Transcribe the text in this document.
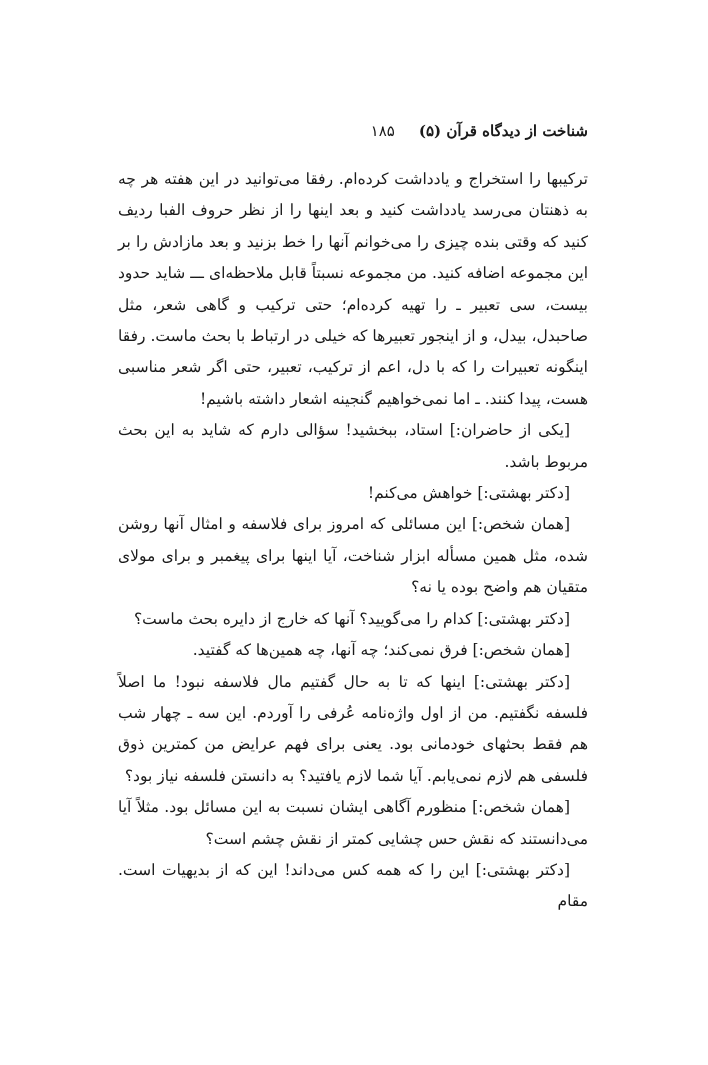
شناخت از دیدگاه قرآن (۵)
۱۸۵

ترکیبها را استخراج و یادداشت کرده‌ام. رفقا می‌توانید در این هفته هر چه به ذهنتان می‌رسد یادداشت کنید و بعد اینها را از نظر حروف الفبا ردیف کنید که وقتی بنده چیزی را می‌خوانم آنها را خط بزنید و بعد مازادش را بر این مجموعه اضافه کنید. من مجموعه نسبتاً قابل ملاحظه‌ای ـــ شاید حدود بیست، سی تعبیر ـ را تهیه کرده‌ام؛ حتی ترکیب و گاهی شعر، مثل صاحبدل، بیدل، و از اینجور تعبیرها که خیلی در ارتباط با بحث ماست. رفقا اینگونه تعبیرات را که با دل، اعم از ترکیب، تعبیر، حتی اگر شعر مناسبی هست، پیدا کنند. ـ اما نمی‌خواهیم گنجینه اشعار داشته باشیم!

[یکی از حاضران:] استاد، ببخشید! سؤالی دارم که شاید به این بحث مربوط باشد.

[دکتر بهشتی:] خواهش می‌کنم!

[همان شخص:] این مسائلی که امروز برای فلاسفه و امثال آنها روشن شده، مثل همین مسأله ابزار شناخت، آیا اینها برای پیغمبر و برای مولای متقیان هم واضح بوده یا نه؟

[دکتر بهشتی:] کدام را می‌گویید؟ آنها که خارج از دایره بحث ماست؟

[همان شخص:] فرق نمی‌کند؛ چه آنها، چه همین‌ها که گفتید.

[دکتر بهشتی:] اینها که تا به حال گفتیم مال فلاسفه نبود! ما اصلاً فلسفه نگفتیم. من از اول واژه‌نامه عُرفی را آوردم. این سه ـ چهار شب هم فقط بحثهای خودمانی بود. یعنی برای فهم عرایض من کمترین ذوق فلسفی هم لازم نمی‌یابم. آیا شما لازم یافتید؟ به دانستن فلسفه نیاز بود؟

[همان شخص:] منظورم آگاهی ایشان نسبت به این مسائل بود. مثلاً آیا می‌دانستند که نقش حس چشایی کمتر از نقش چشم است؟

[دکتر بهشتی:] این را که همه کس می‌داند! این که از بدیهیات است. مقام
